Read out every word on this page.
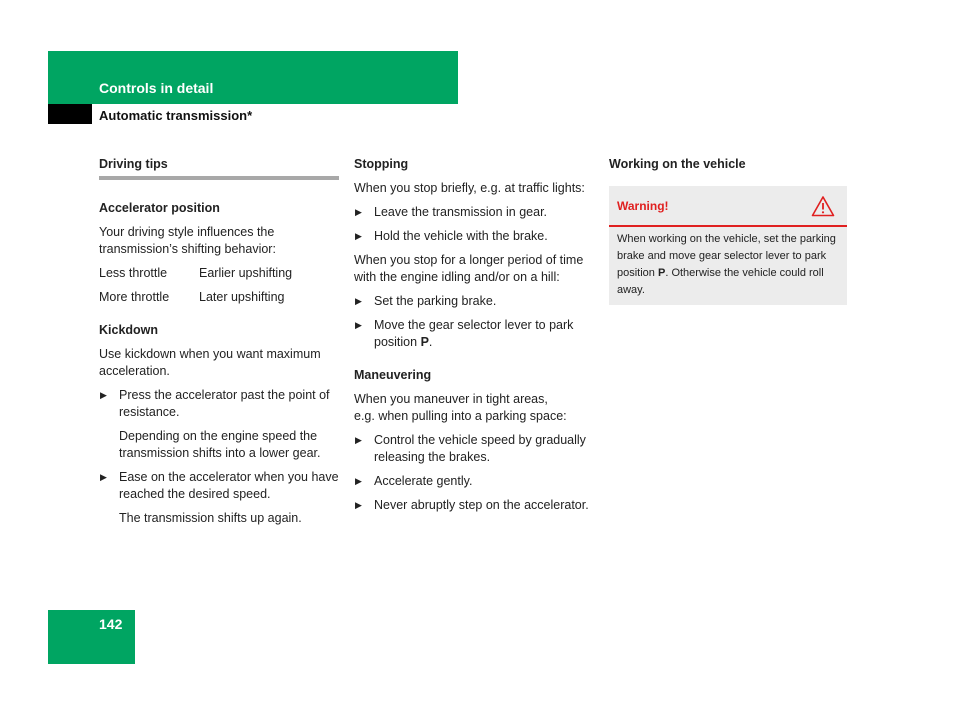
Controls in detail
Automatic transmission*
Driving tips

Accelerator position

Your driving style influences the transmission’s shifting behavior:

Less throttle	Earlier upshifting
More throttle	Later upshifting

Kickdown

Use kickdown when you want maximum acceleration.

▶ Press the accelerator past the point of resistance.
Depending on the engine speed the transmission shifts into a lower gear.
▶ Ease on the accelerator when you have reached the desired speed.
The transmission shifts up again.

Stopping

When you stop briefly, e.g. at traffic lights:

▶ Leave the transmission in gear.
▶ Hold the vehicle with the brake.

When you stop for a longer period of time with the engine idling and/or on a hill:

▶ Set the parking brake.
▶ Move the gear selector lever to park position P.

Maneuvering

When you maneuver in tight areas,
e.g. when pulling into a parking space:

▶ Control the vehicle speed by gradually releasing the brakes.
▶ Accelerate gently.
▶ Never abruptly step on the accelerator.

Working on the vehicle

Warning!
When working on the vehicle, set the parking brake and move gear selector lever to park position P. Otherwise the vehicle could roll away.
142
